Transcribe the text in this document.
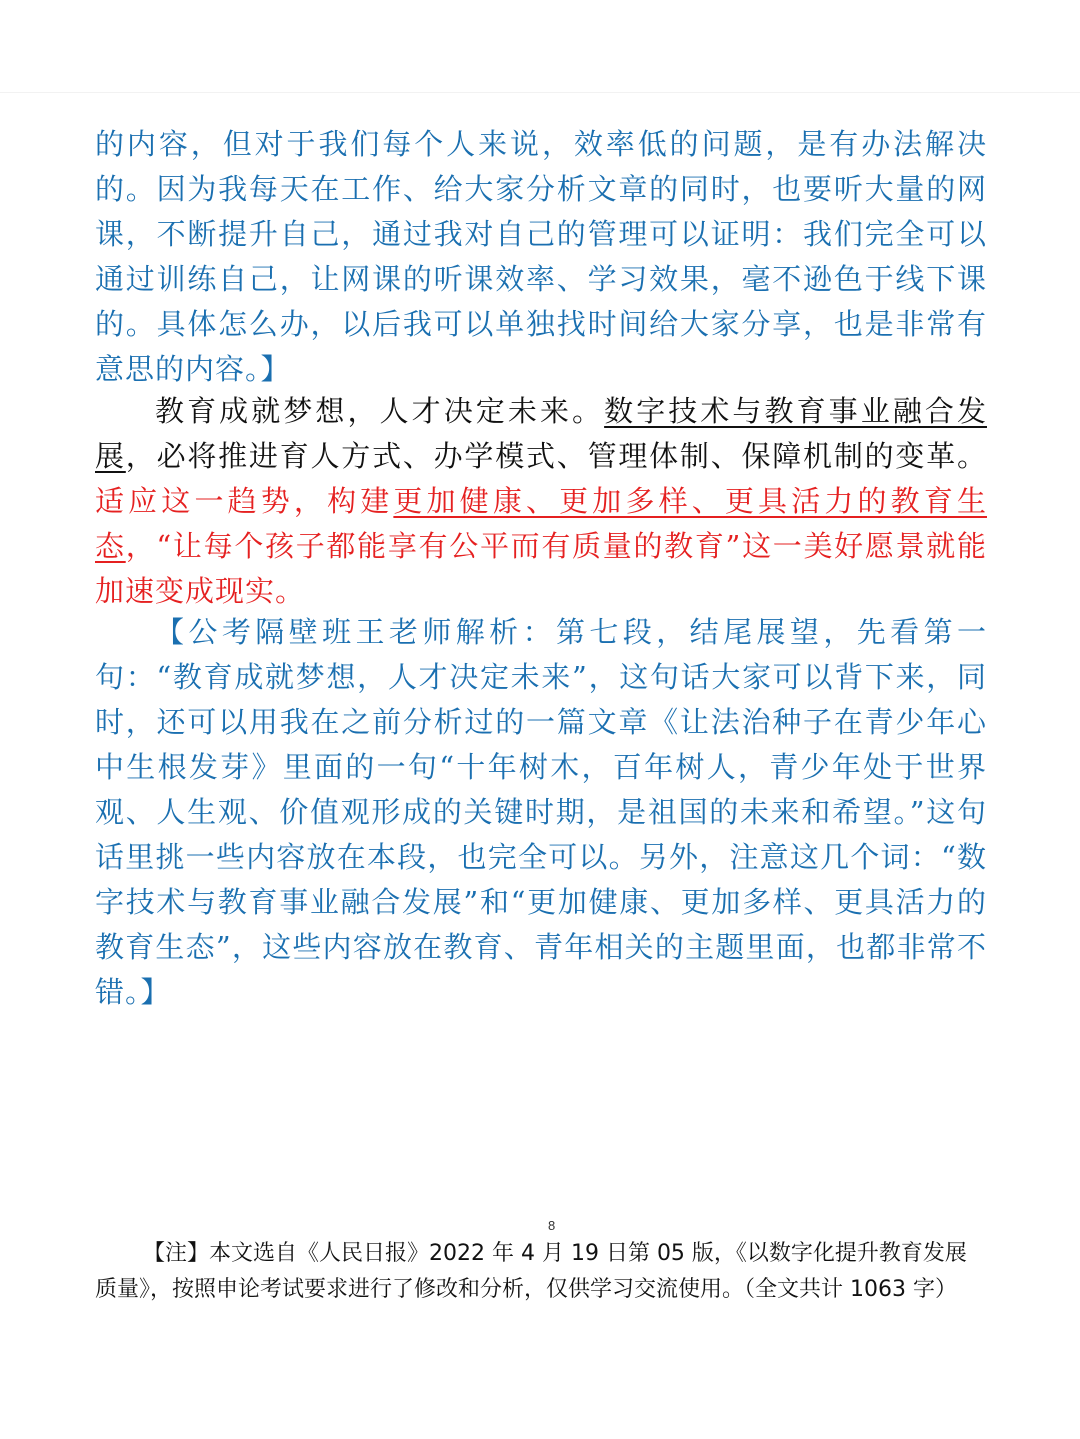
的内容，但对于我们每个人来说，效率低的问题，是有办法解决的。因为我每天在工作、给大家分析文章的同时，也要听大量的网课，不断提升自己，通过我对自己的管理可以证明：我们完全可以通过训练自己，让网课的听课效率、学习效果，毫不逊色于线下课的。具体怎么办，以后我可以单独找时间给大家分享，也是非常有意思的内容。】
教育成就梦想，人才决定未来。数字技术与教育事业融合发展，必将推进育人方式、办学模式、管理体制、保障机制的变革。适应这一趋势，构建更加健康、更加多样、更具活力的教育生态，“让每个孩子都能享有公平而有质量的教育”这一美好愿景就能加速变成现实。
【公考隔壁班王老师解析：第七段，结尾展望，先看第一句：“教育成就梦想，人才决定未来”，这句话大家可以背下来，同时，还可以用我在之前分析过的一篇文章《让法治种子在青少年心中生根发芽》里面的一句“十年树木，百年树人，青少年处于世界观、人生观、价值观形成的关键时期，是祖国的未来和希望。”这句话里挑一些内容放在本段，也完全可以。另外，注意这几个词：“数字技术与教育事业融合发展”和“更加健康、更加多样、更具活力的教育生态”，这些内容放在教育、青年相关的主题里面，也都非常不错。】
8
【注】本文选自《人民日报》2022 年 4 月 19 日第 05 版，《以数字化提升教育发展质量》，按照申论考试要求进行了修改和分析，仅供学习交流使用。（全文共计 1063 字）
